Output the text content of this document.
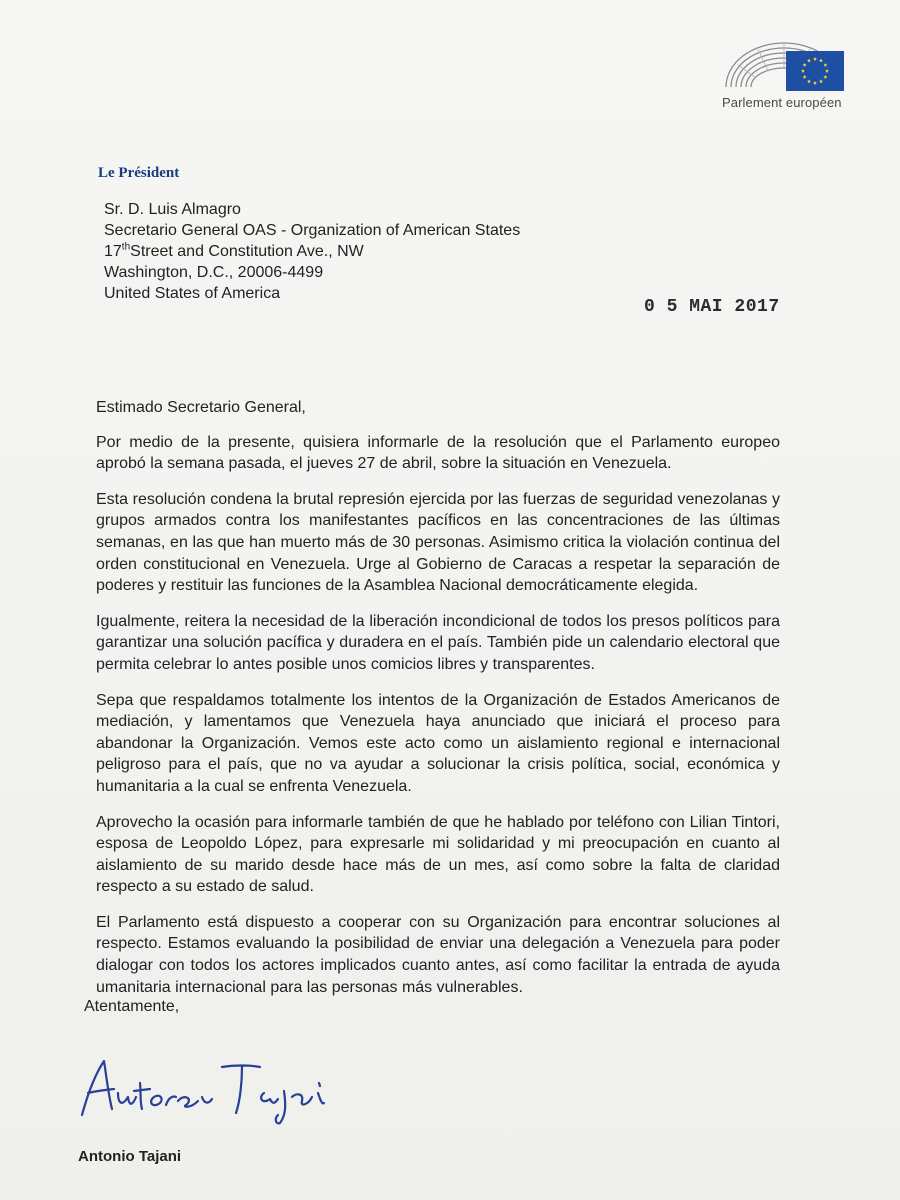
Parlement européen
Le Président
Sr. D. Luis Almagro
Secretario General OAS - Organization of American States
17thStreet and Constitution Ave., NW
Washington, D.C., 20006-4499
United States of America
0 5 MAI 2017
Estimado Secretario General,

Por medio de la presente, quisiera informarle de la resolución que el Parlamento europeo aprobó la semana pasada, el jueves 27 de abril, sobre la situación en Venezuela.

Esta resolución condena la brutal represión ejercida por las fuerzas de seguridad venezolanas y grupos armados contra los manifestantes pacíficos en las concentraciones de las últimas semanas, en las que han muerto más de 30 personas. Asimismo critica la violación continua del orden constitucional en Venezuela. Urge al Gobierno de Caracas a respetar la separación de poderes y restituir las funciones de la Asamblea Nacional democráticamente elegida.

Igualmente, reitera la necesidad de la liberación incondicional de todos los presos políticos para garantizar una solución pacífica y duradera en el país. También pide un calendario electoral que permita celebrar lo antes posible unos comicios libres y transparentes.

Sepa que respaldamos totalmente los intentos de la Organización de Estados Americanos de mediación, y lamentamos que Venezuela haya anunciado que iniciará el proceso para abandonar la Organización. Vemos este acto como un aislamiento regional e internacional peligroso para el país, que no va ayudar a solucionar la crisis política, social, económica y humanitaria a la cual se enfrenta Venezuela.

Aprovecho la ocasión para informarle también de que he hablado por teléfono con Lilian Tintori, esposa de Leopoldo López, para expresarle mi solidaridad y mi preocupación en cuanto al aislamiento de su marido desde hace más de un mes, así como sobre la falta de claridad respecto a su estado de salud.

El Parlamento está dispuesto a cooperar con su Organización para encontrar soluciones al respecto. Estamos evaluando la posibilidad de enviar una delegación a Venezuela para poder dialogar con todos los actores implicados cuanto antes, así como facilitar la entrada de ayuda umanitaria internacional para las personas más vulnerables.

Atentamente,
Antonio Tajani
